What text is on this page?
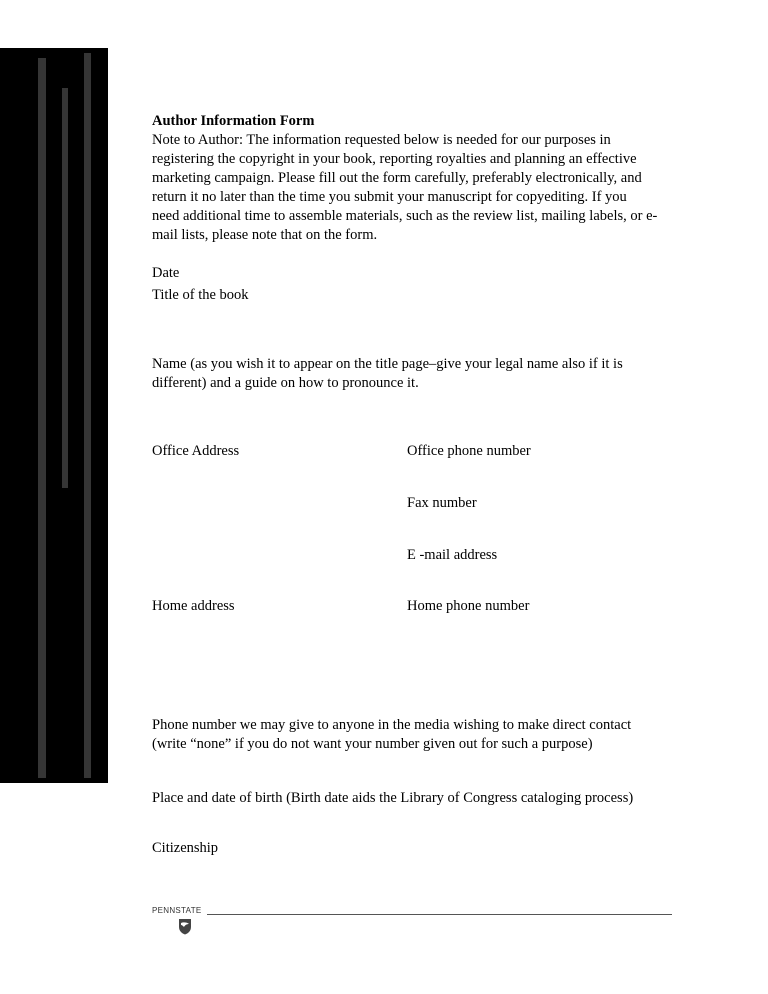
Author Information Form
Note to Author: The information requested below is needed for our purposes in
registering the copyright in your book, reporting royalties and planning an effective
marketing campaign. Please fill out the form carefully, preferably electronically, and
return it no later than the time you submit your manuscript for copyediting. If you
need additional time to assemble materials, such as the review list, mailing labels, or e-
mail lists, please note that on the form.
Date
Title of the book
Name (as you wish it to appear on the title page–give your legal name also if it is
different) and a guide on how to pronounce it.
Office Address	Office phone number
Fax number
E -mail address
Home address	Home phone number
Phone number we may give to anyone in the media wishing to make direct contact
(write “none” if you do not want your number given out for such a purpose)
Place and date of birth (Birth date aids the Library of Congress cataloging process)
Citizenship
PENNSTATE
